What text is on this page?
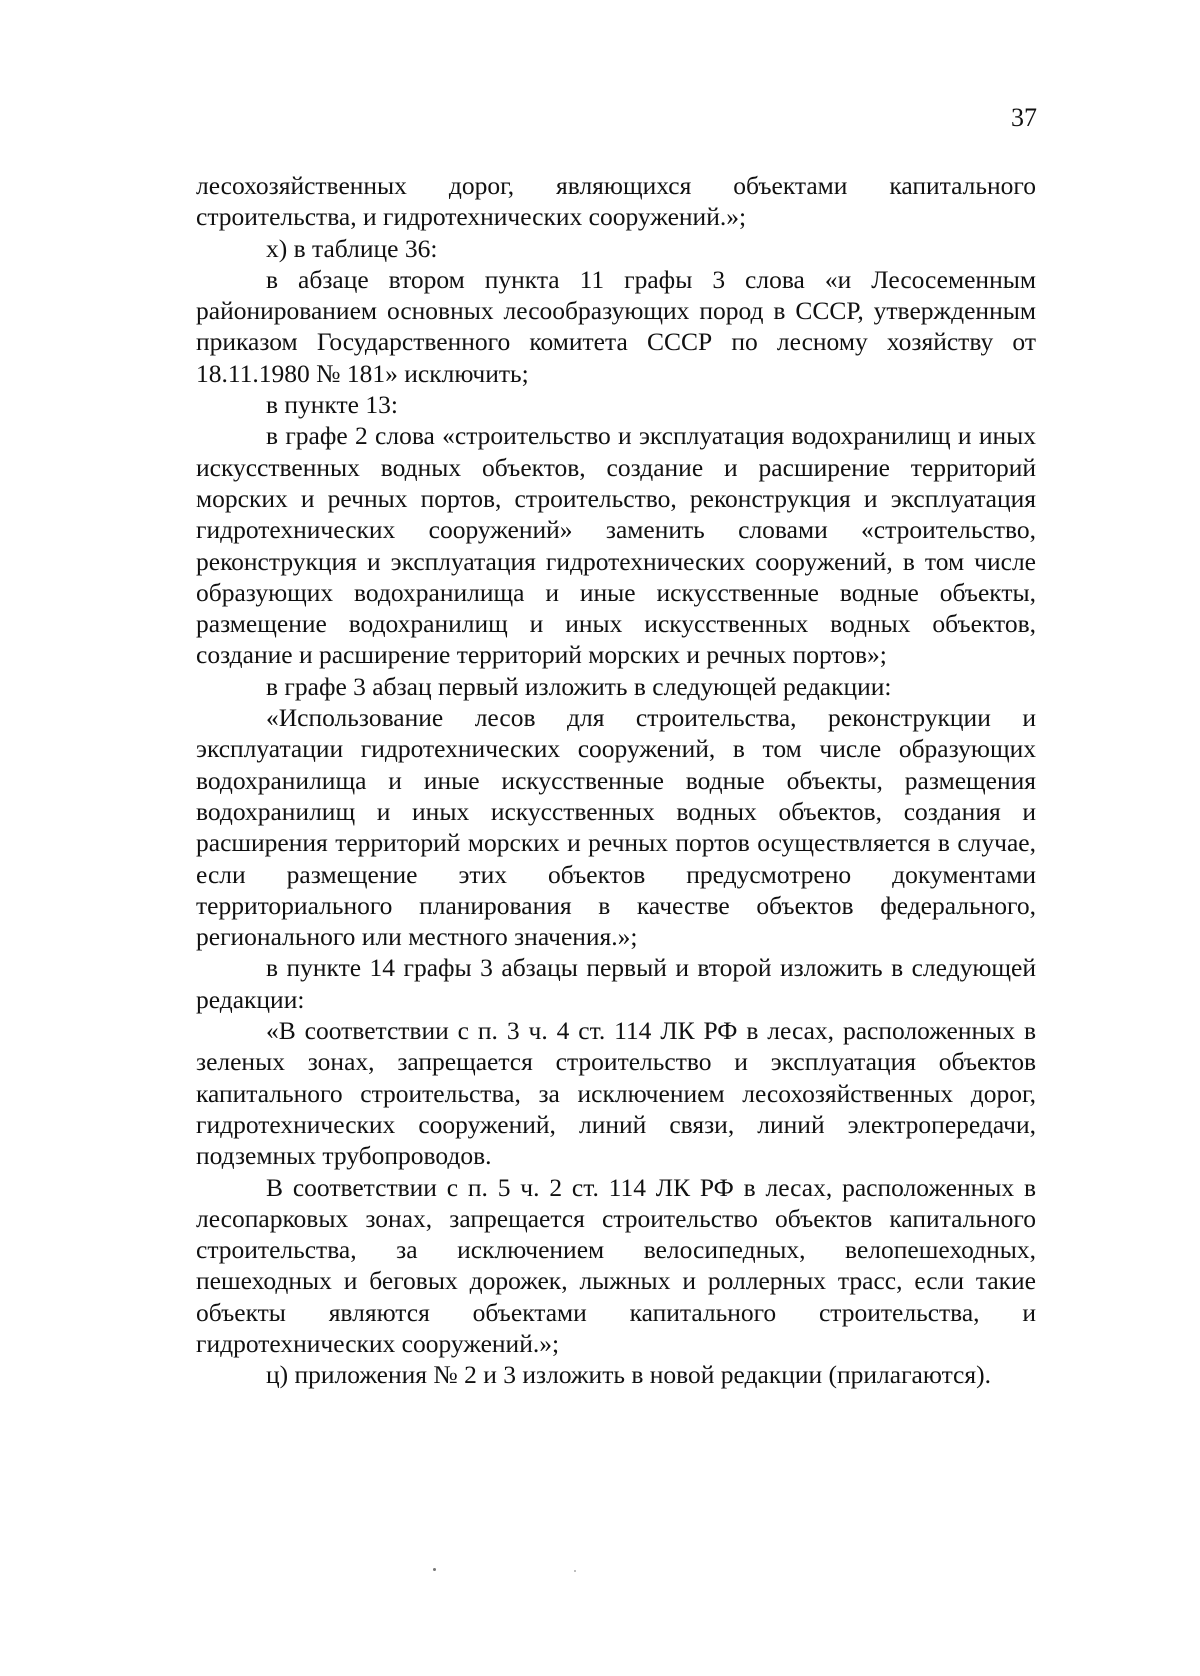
37

лесохозяйственных дорог, являющихся объектами капитального строительства, и гидротехнических сооружений.»;

х) в таблице 36:

в абзаце втором пункта 11 графы 3 слова «и Лесосеменным районированием основных лесообразующих пород в СССР, утвержденным приказом Государственного комитета СССР по лесному хозяйству от 18.11.1980 № 181» исключить;

в пункте 13:

в графе 2 слова «строительство и эксплуатация водохранилищ и иных искусственных водных объектов, создание и расширение территорий морских и речных портов, строительство, реконструкция и эксплуатация гидротехнических сооружений» заменить словами «строительство, реконструкция и эксплуатация гидротехнических сооружений, в том числе образующих водохранилища и иные искусственные водные объекты, размещение водохранилищ и иных искусственных водных объектов, создание и расширение территорий морских и речных портов»;

в графе 3 абзац первый изложить в следующей редакции:

«Использование лесов для строительства, реконструкции и эксплуатации гидротехнических сооружений, в том числе образующих водохранилища и иные искусственные водные объекты, размещения водохранилищ и иных искусственных водных объектов, создания и расширения территорий морских и речных портов осуществляется в случае, если размещение этих объектов предусмотрено документами территориального планирования в качестве объектов федерального, регионального или местного значения.»;

в пункте 14 графы 3 абзацы первый и второй изложить в следующей редакции:

«В соответствии с п. 3 ч. 4 ст. 114 ЛК РФ в лесах, расположенных в зеленых зонах, запрещается строительство и эксплуатация объектов капитального строительства, за исключением лесохозяйственных дорог, гидротехнических сооружений, линий связи, линий электропередачи, подземных трубопроводов.

В соответствии с п. 5 ч. 2 ст. 114 ЛК РФ в лесах, расположенных в лесопарковых зонах, запрещается строительство объектов капитального строительства, за исключением велосипедных, велопешеходных, пешеходных и беговых дорожек, лыжных и роллерных трасс, если такие объекты являются объектами капитального строительства, и гидротехнических сооружений.»;

ц) приложения № 2 и 3 изложить в новой редакции (прилагаются).
